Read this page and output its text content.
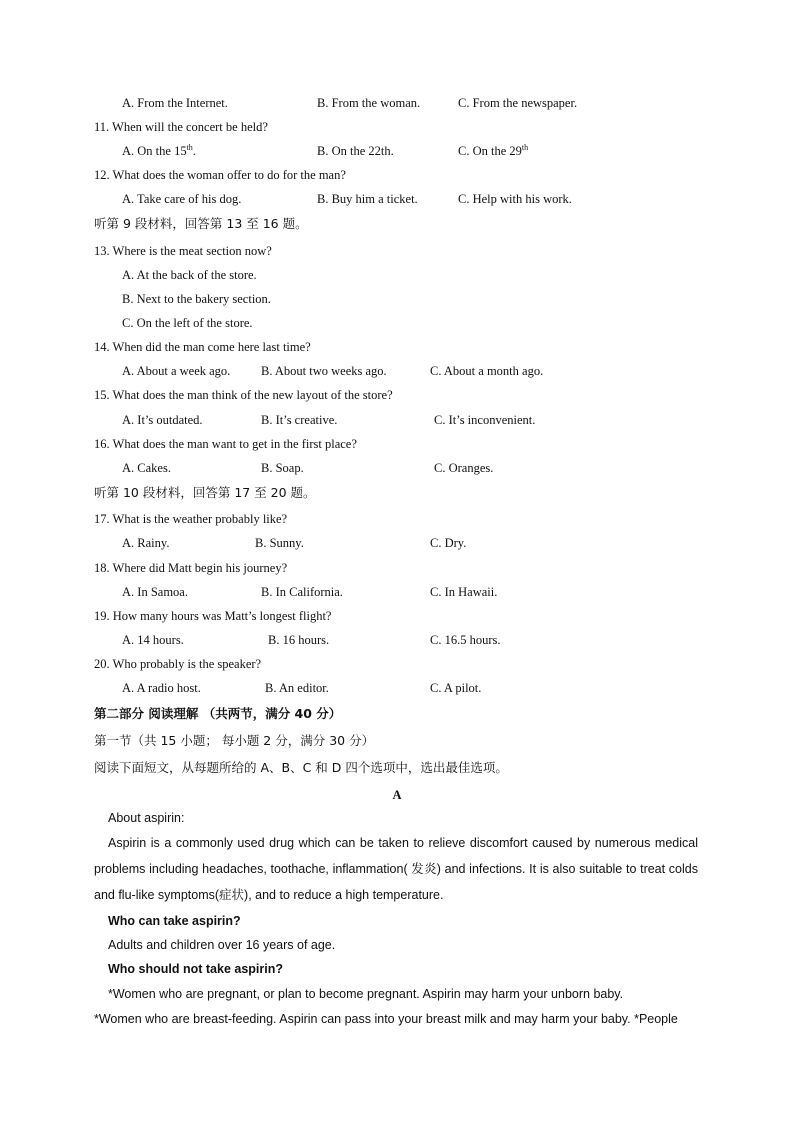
A. From the Internet.	B. From the woman.	C. From the newspaper.
11. When will the concert be held?
A. On the 15th.	B. On the 22th.	C. On the 29th
12. What does the woman offer to do for the man?
A. Take care of his dog.	B. Buy him a ticket.	C. Help with his work.
听第 9 段材料，回答第 13 至 16 题。
13. Where is the meat section now?
A. At the back of the store.
B. Next to the bakery section.
C. On the left of the store.
14. When did the man come here last time?
A. About a week ago. B. About two weeks ago.	C. About a month ago.
15. What does the man think of the new layout of the store?
A. It’s outdated.	B. It’s creative.	C. It’s inconvenient.
16. What does the man want to get in the first place?
A. Cakes.	B. Soap.	C. Oranges.
听第 10 段材料，回答第 17 至 20 题。
17. What is the weather probably like?
A. Rainy.	B. Sunny.	C. Dry.
18. Where did Matt begin his journey?
A. In Samoa.	B. In California.	C. In Hawaii.
19. How many hours was Matt’s longest flight?
A. 14 hours.	B. 16 hours.	C. 16.5 hours.
20. Who probably is the speaker?
A. A radio host.	B. An editor.	C. A pilot.
第二部分 阅读理解 （共两节，满分 40 分）
第一节（共 15 小题； 每小题 2 分，满分 30 分）
阅读下面短文，从每题所给的 A、B、C 和 D 四个选项中，选出最佳选项。
A
About aspirin:
Aspirin is a commonly used drug which can be taken to relieve discomfort caused by numerous medical problems including headaches, toothache, inflammation( 发炎) and infections. It is also suitable to treat colds and flu-like symptoms(症状), and to reduce a high temperature.
Who can take aspirin?
Adults and children over 16 years of age.
Who should not take aspirin?
*Women who are pregnant, or plan to become pregnant. Aspirin may harm your unborn baby.
*Women who are breast-feeding. Aspirin can pass into your breast milk and may harm your baby. *People
